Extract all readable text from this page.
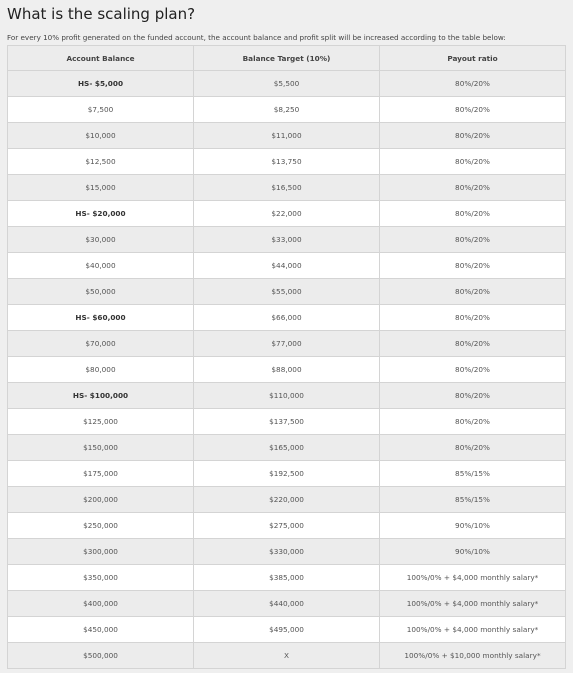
What is the scaling plan?
For every 10% profit generated on the funded account, the account balance and profit split will be increased according to the table below:
Account Balance	Balance Target (10%)	Payout ratio
HS- $5,000	$5,500	80%/20%
$7,500	$8,250	80%/20%
$10,000	$11,000	80%/20%
$12,500	$13,750	80%/20%
$15,000	$16,500	80%/20%
HS- $20,000	$22,000	80%/20%
$30,000	$33,000	80%/20%
$40,000	$44,000	80%/20%
$50,000	$55,000	80%/20%
HS- $60,000	$66,000	80%/20%
$70,000	$77,000	80%/20%
$80,000	$88,000	80%/20%
HS- $100,000	$110,000	80%/20%
$125,000	$137,500	80%/20%
$150,000	$165,000	80%/20%
$175,000	$192,500	85%/15%
$200,000	$220,000	85%/15%
$250,000	$275,000	90%/10%
$300,000	$330,000	90%/10%
$350,000	$385,000	100%/0% + $4,000 monthly salary*
$400,000	$440,000	100%/0% + $4,000 monthly salary*
$450,000	$495,000	100%/0% + $4,000 monthly salary*
$500,000	X	100%/0% + $10,000 monthly salary*
